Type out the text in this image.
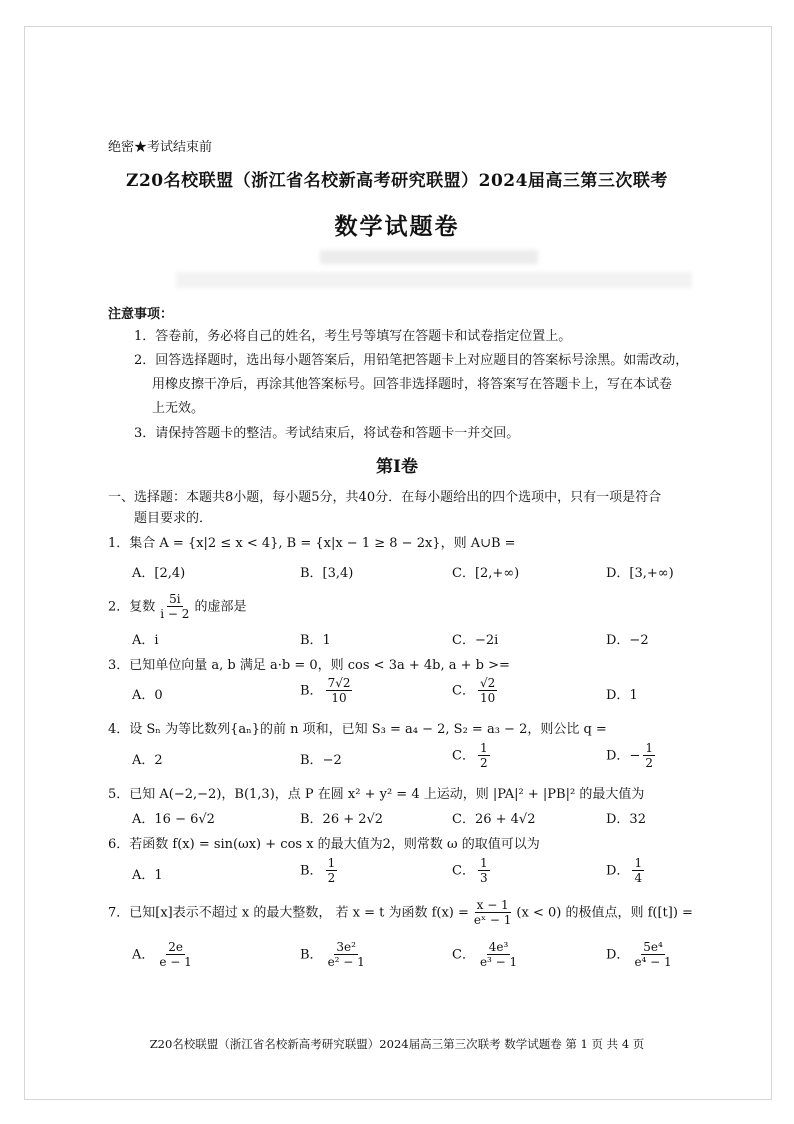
绝密★考试结束前
Z20名校联盟（浙江省名校新高考研究联盟）2024届高三第三次联考
数学试题卷
注意事项：
1．答卷前，务必将自己的姓名，考生号等填写在答题卡和试卷指定位置上。
2．回答选择题时，选出每小题答案后，用铅笔把答题卡上对应题目的答案标号涂黑。如需改动，
用橡皮擦干净后，再涂其他答案标号。回答非选择题时，将答案写在答题卡上，写在本试卷
上无效。
3．请保持答题卡的整洁。考试结束后，将试卷和答题卡一并交回。
第Ⅰ卷
一、选择题：本题共8小题，每小题5分，共40分．在每小题给出的四个选项中，只有一项是符合
题目要求的．
1．集合 A = {x|2 ≤ x < 4}, B = {x|x − 1 ≥ 8 − 2x}，则 A∪B =
A．[2,4)	B．[3,4)	C．[2,+∞)	D．[3,+∞)
2．复数 $\frac{5i}{i - 2}$ 的虚部是
A．i	B．1	C．−2i	D．−2
3．已知单位向量 a, b 满足 a·b = 0，则 cos < 3a + 4b, a + b >=
A．0	B． $\frac{7√2}{10}$	C． $\frac{√2}{10}$	D．1
4．设 Sₙ 为等比数列{aₙ}的前 n 项和，已知 S₃ = a₄ − 2, S₂ = a₃ − 2，则公比 q =
A．2	B．−2	C． $\frac{1}{2}$	D．− $\frac{1}{2}$
5．已知 A(−2,−2)，B(1,3)，点 P 在圆 x² + y² = 4 上运动，则 |PA|² + |PB|² 的最大值为
A．16 − 6√2	B．26 + 2√2	C．26 + 4√2	D．32
6．若函数 f(x) = sin(ωx) + cos x 的最大值为2，则常数 ω 的取值可以为
A．1	B． $\frac{1}{2}$	C． $\frac{1}{3}$	D． $\frac{1}{4}$
7．已知[x]表示不超过 x 的最大整数， 若 x = t 为函数 $f(x) = \frac{x - 1}{\text{eˣ − 1}} (x < 0)$ 的极值点，则 f([t]) =
A． $\frac{2e}{e - 1}$	B． $\frac{\text{3e²}}{\text{e² − 1}}$	C． $\frac{\text{4e³}}{\text{e³ − 1}}$	D． $\frac{\text{5e⁴}}{\text{e⁴ − 1}}$
Z20名校联盟（浙江省名校新高考研究联盟）2024届高三第三次联考 数学试题卷 第 1 页 共 4 页
